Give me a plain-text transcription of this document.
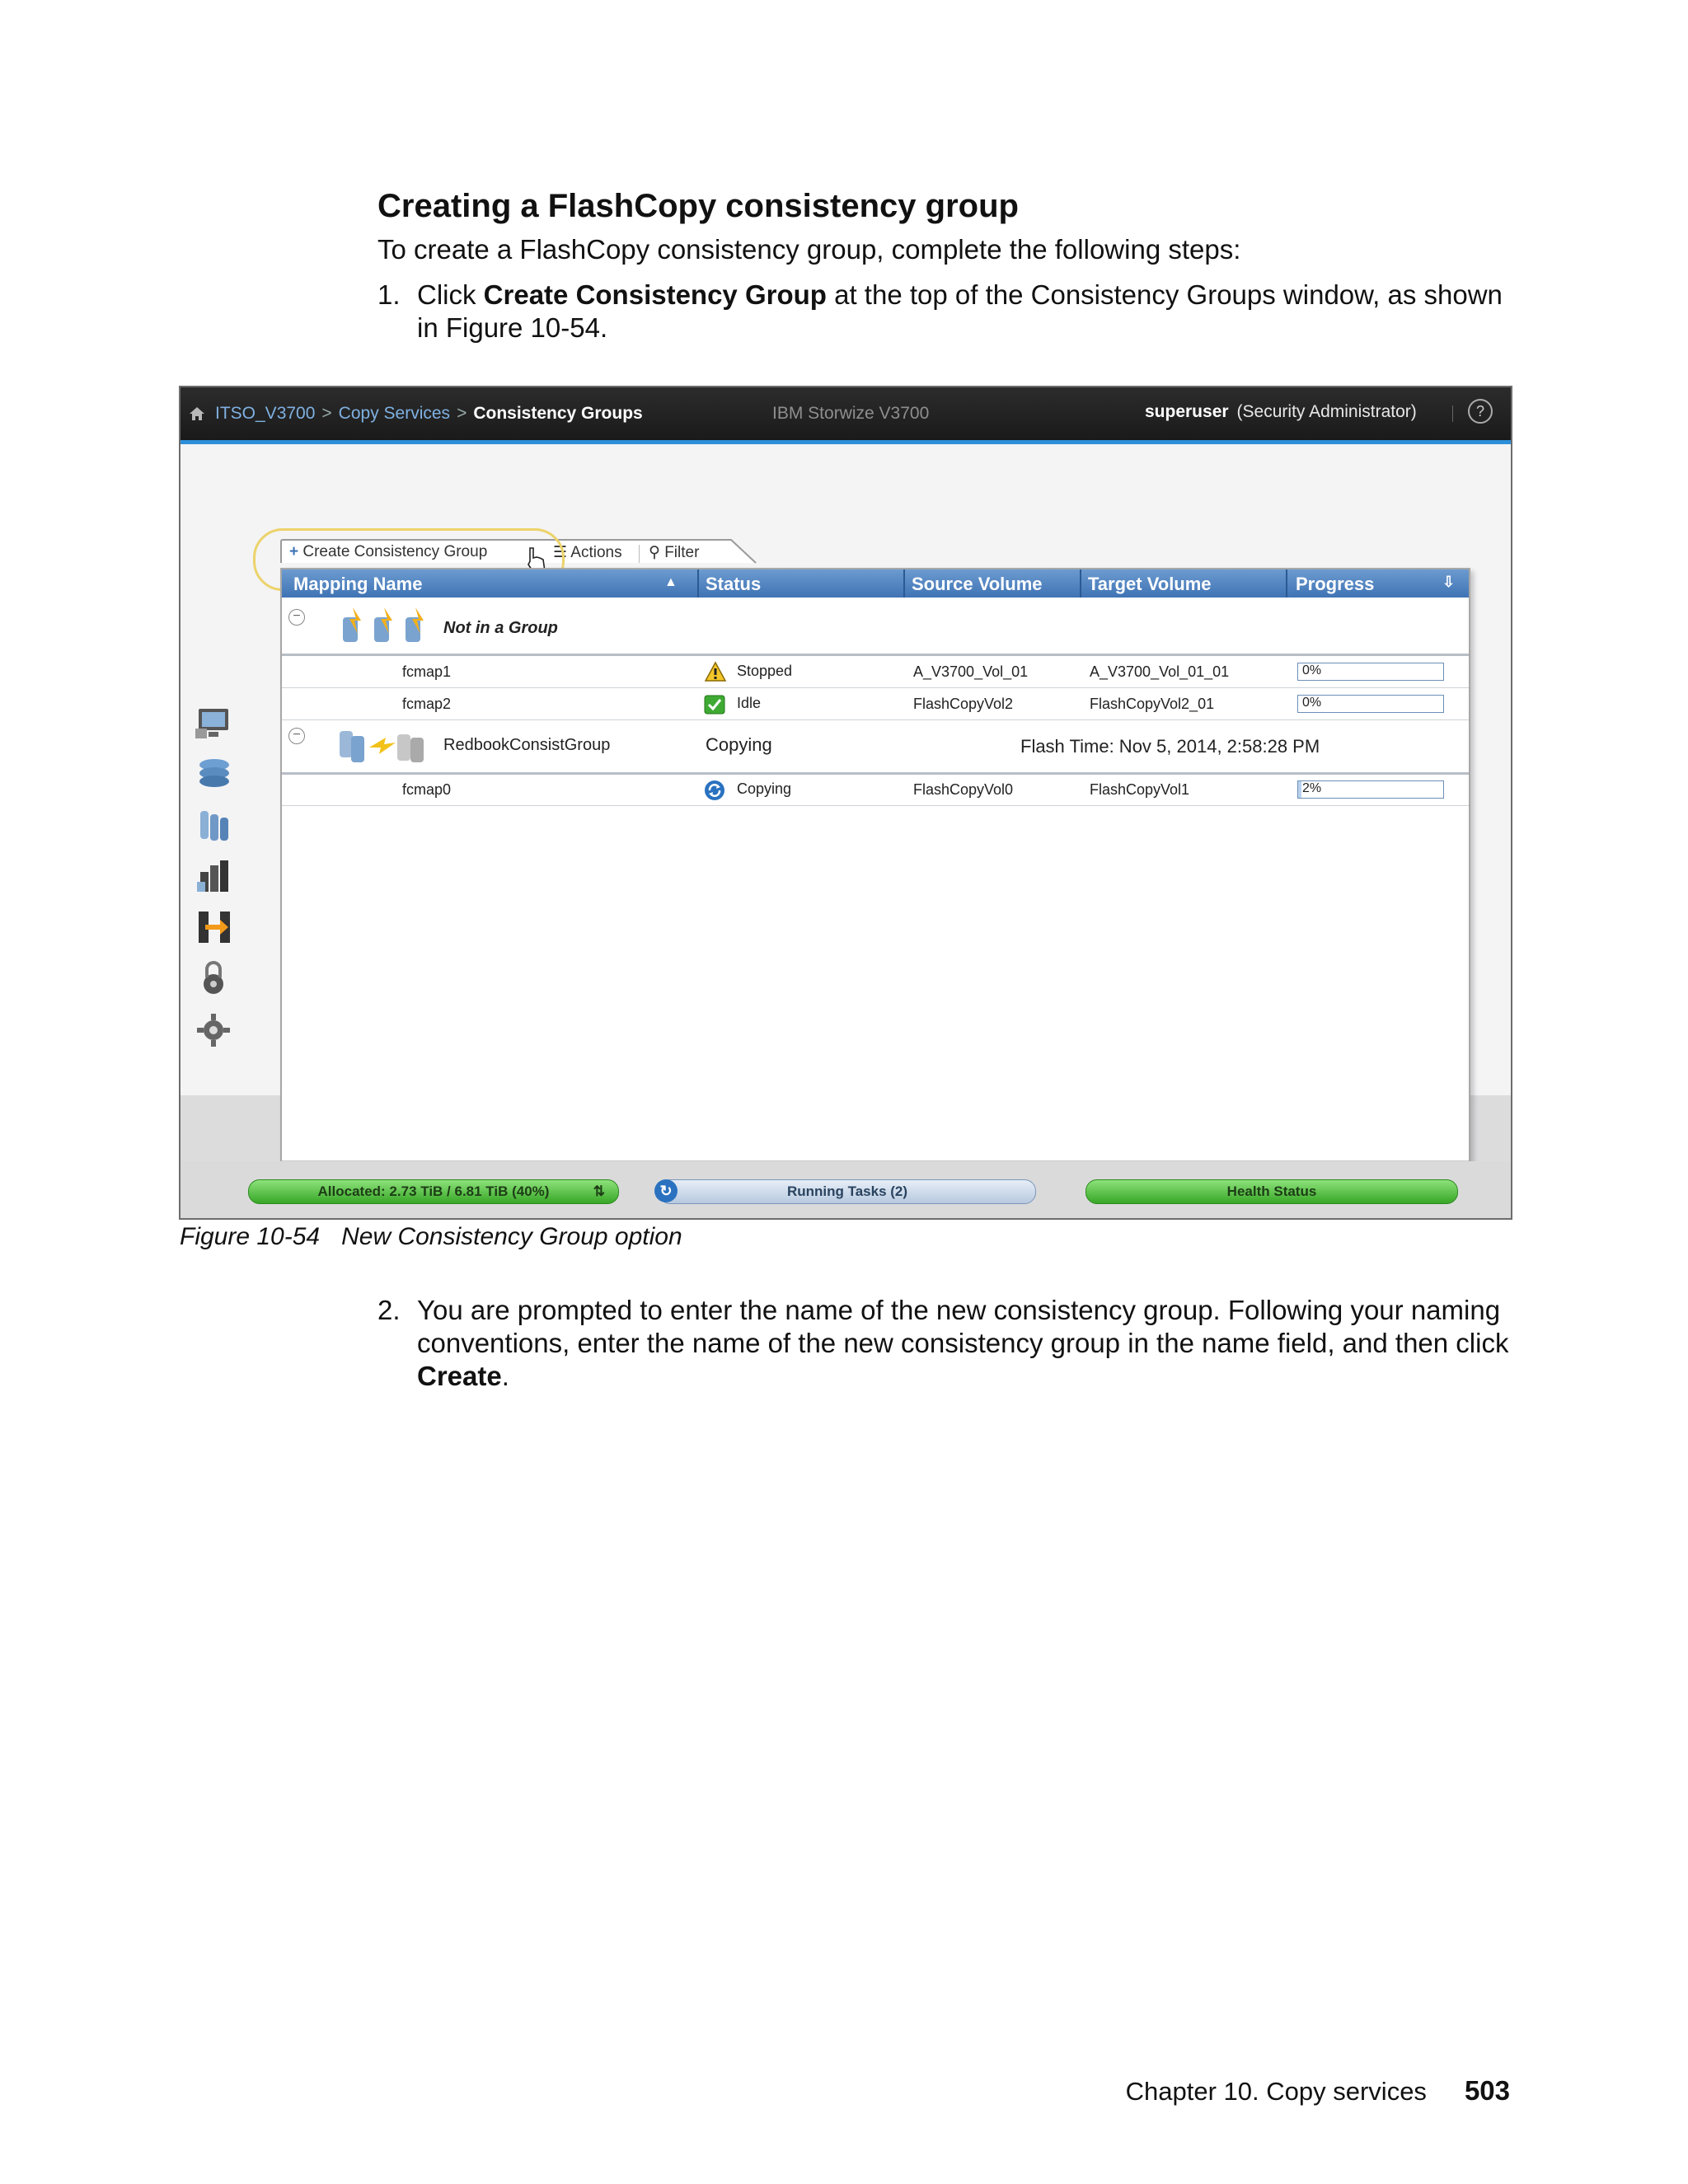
Creating a FlashCopy consistency group
To create a FlashCopy consistency group, complete the following steps:
1. Click Create Consistency Group at the top of the Consistency Groups window, as shown in Figure 10-54.
ITSO_V3700 > Copy Services > Consistency Groups	IBM Storwize V3700	superuser (Security Administrator)	?

+ Create Consistency Group	☰ Actions ⚲ Filter
Mapping Name	▲ Status	Source Volume	Target Volume	Progress	⇩
−
Not in a Group
fcmap1	Stopped	A_V3700_Vol_01	A_V3700_Vol_01_01	0%
fcmap2	Idle	FlashCopyVol2	FlashCopyVol2_01	0%
−
RedbookConsistGroup	Copying	Flash Time: Nov 5, 2014, 2:58:28 PM
fcmap0	Copying	FlashCopyVol0	FlashCopyVol1	2%
Allocated: 2.73 TiB / 6.81 TiB (40%)	⇅	↻	Running Tasks (2)	Health Status
Figure 10-54 New Consistency Group option
2. You are prompted to enter the name of the new consistency group. Following your naming conventions, enter the name of the new consistency group in the name field, and then click Create.
Chapter 10. Copy services 503
